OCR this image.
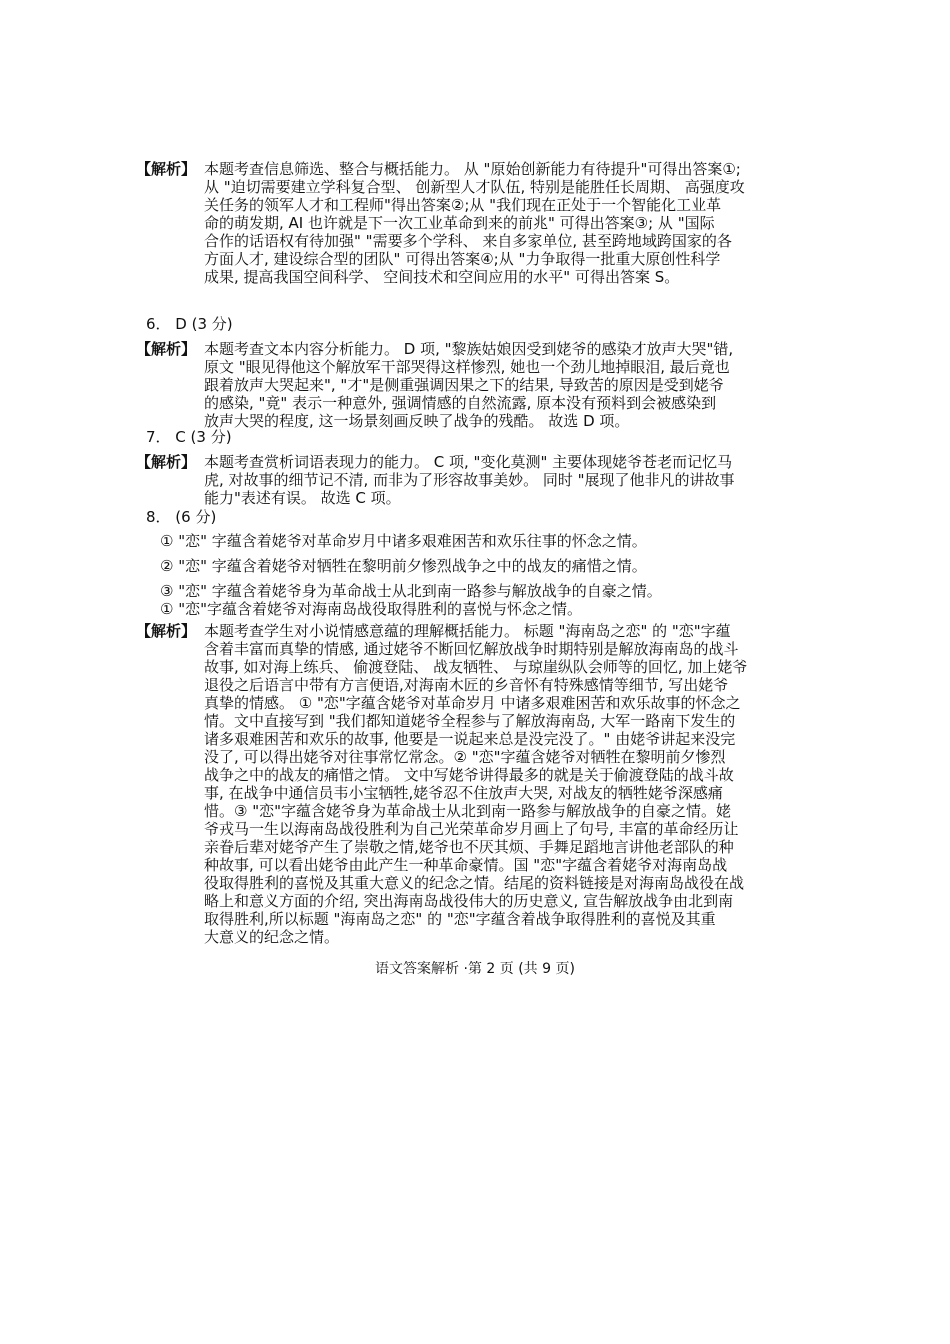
【解析】 本题考查信息筛选、整合与概括能力。 从 "原始创新能力有待提升"可得出答案①;
从 "迫切需要建立学科复合型、 创新型人才队伍, 特别是能胜任长周期、 高强度攻
关任务的领军人才和工程师"得出答案②;从 "我们现在正处于一个智能化工业革
命的萌发期, AI 也许就是下一次工业革命到来的前兆" 可得出答案③; 从 "国际
合作的话语权有待加强" "需要多个学科、 来自多家单位, 甚至跨地域跨国家的各
方面人才, 建设综合型的团队" 可得出答案④;从 "力争取得一批重大原创性科学
成果, 提高我国空间科学、 空间技术和空间应用的水平" 可得出答案 S。
6． D (3 分)
【解析】 本题考查文本内容分析能力。 D 项, "黎族姑娘因受到姥爷的感染才放声大哭"错,
原文 "眼见得他这个解放军干部哭得这样惨烈, 她也一个劲儿地掉眼泪, 最后竟也
跟着放声大哭起来", "才"是侧重强调因果之下的结果, 导致苦的原因是受到姥爷
的感染, "竟" 表示一种意外, 强调情感的自然流露, 原本没有预料到会被感染到
放声大哭的程度, 这一场景刻画反映了战争的残酷。 故选 D 项。
7． C (3 分)
【解析】 本题考查赏析词语表现力的能力。 C 项, "变化莫测" 主要体现姥爷苍老而记忆马
虎, 对故事的细节记不清, 而非为了形容故事美妙。 同时 "展现了他非凡的讲故事
能力"表述有误。 故选 C 项。
8． (6 分)
① "恋" 字蕴含着姥爷对革命岁月中诸多艰难困苦和欢乐往事的怀念之情。
② "恋" 字蕴含着姥爷对牺牲在黎明前夕惨烈战争之中的战友的痛惜之情。
③ "恋" 字蕴含着姥爷身为革命战士从北到南一路参与解放战争的自豪之情。
① "恋"字蕴含着姥爷对海南岛战役取得胜利的喜悦与怀念之情。
【解析】 本题考查学生对小说情感意蕴的理解概括能力。 标题 "海南岛之恋" 的 "恋"字蕴
含着丰富而真挚的情感, 通过姥爷不断回忆解放战争时期特别是解放海南岛的战斗
故事, 如对海上练兵、 偷渡登陆、 战友牺牲、 与琼崖纵队会师等的回忆, 加上姥爷
退役之后语言中带有方言便语,对海南木匠的乡音怀有特殊感情等细节, 写出姥爷
真挚的情感。 ① "恋"字蕴含姥爷对革命岁月 中诸多艰难困苦和欢乐故事的怀念之
情。文中直接写到 "我们都知道姥爷全程参与了解放海南岛, 大军一路南下发生的
诸多艰难困苦和欢乐的故事, 他要是一说起来总是没完没了。" 由姥爷讲起来没完
没了, 可以得出姥爷对往事常忆常念。② "恋"字蕴含姥爷对牺牲在黎明前夕惨烈
战争之中的战友的痛惜之情。 文中写姥爷讲得最多的就是关于偷渡登陆的战斗故
事, 在战争中通信员韦小宝牺牲,姥爷忍不住放声大哭, 对战友的牺牲姥爷深感痛
惜。③ "恋"字蕴含姥爷身为革命战士从北到南一路参与解放战争的自豪之情。姥
爷戎马一生以海南岛战役胜利为自己光荣革命岁月画上了句号, 丰富的革命经历让
亲眷后辈对姥爷产生了崇敬之情,姥爷也不厌其烦、手舞足蹈地言讲他老部队的种
种故事, 可以看出姥爷由此产生一种革命豪情。国 "恋"字蕴含着姥爷对海南岛战
役取得胜利的喜悦及其重大意义的纪念之情。结尾的资料链接是对海南岛战役在战
略上和意义方面的介绍, 突出海南岛战役伟大的历史意义, 宣告解放战争由北到南
取得胜利,所以标题 "海南岛之恋" 的 "恋"字蕴含着战争取得胜利的喜悦及其重
大意义的纪念之情。
语文答案解析 ·第 2 页 (共 9 页)
